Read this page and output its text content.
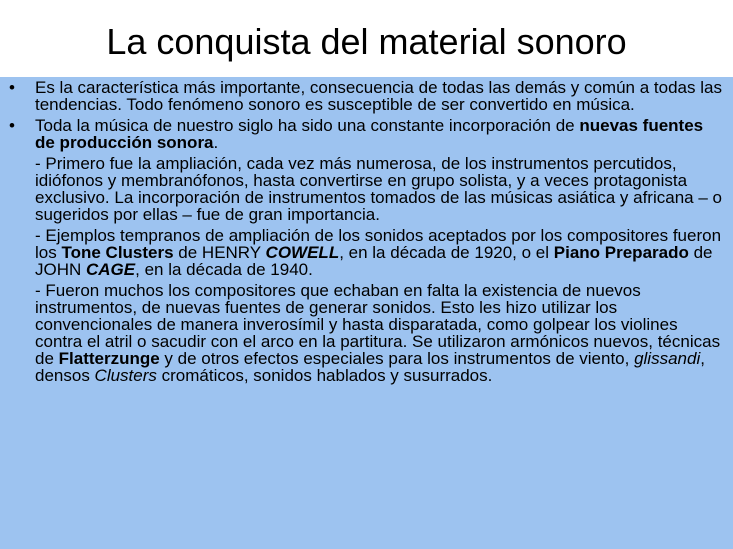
La conquista del material sonoro
• Es la característica más importante, consecuencia de todas las demás y común a todas las tendencias. Todo fenómeno sonoro es susceptible de ser convertido en música.
• Toda la música de nuestro siglo ha sido una constante incorporación de nuevas fuentes de producción sonora.
- Primero fue la ampliación, cada vez más numerosa, de los instrumentos percutidos, idiófonos y membranófonos, hasta convertirse en grupo solista, y a veces protagonista exclusivo. La incorporación de instrumentos tomados de las músicas asiática y africana – o sugeridos por ellas – fue de gran importancia.
- Ejemplos tempranos de ampliación de los sonidos aceptados por los compositores fueron los Tone Clusters de HENRY COWELL, en la década de 1920, o el Piano Preparado de JOHN CAGE, en la década de 1940.
- Fueron muchos los compositores que echaban en falta la existencia de nuevos instrumentos, de nuevas fuentes de generar sonidos. Esto les hizo utilizar los convencionales de manera inverosímil y hasta disparatada, como golpear los violines contra el atril o sacudir con el arco en la partitura. Se utilizaron armónicos nuevos, técnicas de Flatterzunge y de otros efectos especiales para los instrumentos de viento, glissandi, densos Clusters cromáticos, sonidos hablados y susurrados.
